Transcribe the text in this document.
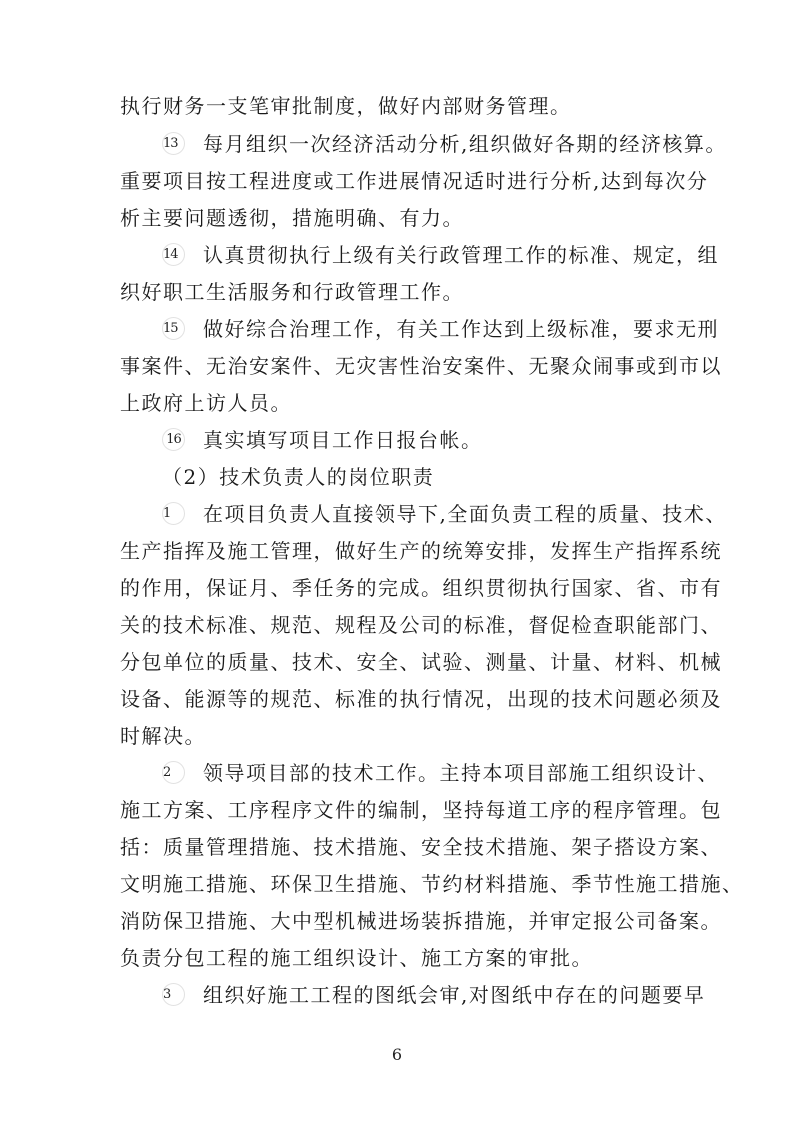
执行财务一支笔审批制度，做好内部财务管理。
13 每月组织一次经济活动分析,组织做好各期的经济核算。
重要项目按工程进度或工作进展情况适时进行分析,达到每次分
析主要问题透彻，措施明确、有力。
14 认真贯彻执行上级有关行政管理工作的标准、规定，组
织好职工生活服务和行政管理工作。
15 做好综合治理工作，有关工作达到上级标准，要求无刑
事案件、无治安案件、无灾害性治安案件、无聚众闹事或到市以
上政府上访人员。
16 真实填写项目工作日报台帐。
（2）技术负责人的岗位职责
1 在项目负责人直接领导下,全面负责工程的质量、技术、
生产指挥及施工管理，做好生产的统筹安排，发挥生产指挥系统
的作用，保证月、季任务的完成。组织贯彻执行国家、省、市有
关的技术标准、规范、规程及公司的标准，督促检查职能部门、
分包单位的质量、技术、安全、试验、测量、计量、材料、机械
设备、能源等的规范、标准的执行情况，出现的技术问题必须及
时解决。
2 领导项目部的技术工作。主持本项目部施工组织设计、
施工方案、工序程序文件的编制，坚持每道工序的程序管理。包
括：质量管理措施、技术措施、安全技术措施、架子搭设方案、
文明施工措施、环保卫生措施、节约材料措施、季节性施工措施、
消防保卫措施、大中型机械进场装拆措施，并审定报公司备案。
负责分包工程的施工组织设计、施工方案的审批。
3 组织好施工工程的图纸会审,对图纸中存在的问题要早
6
